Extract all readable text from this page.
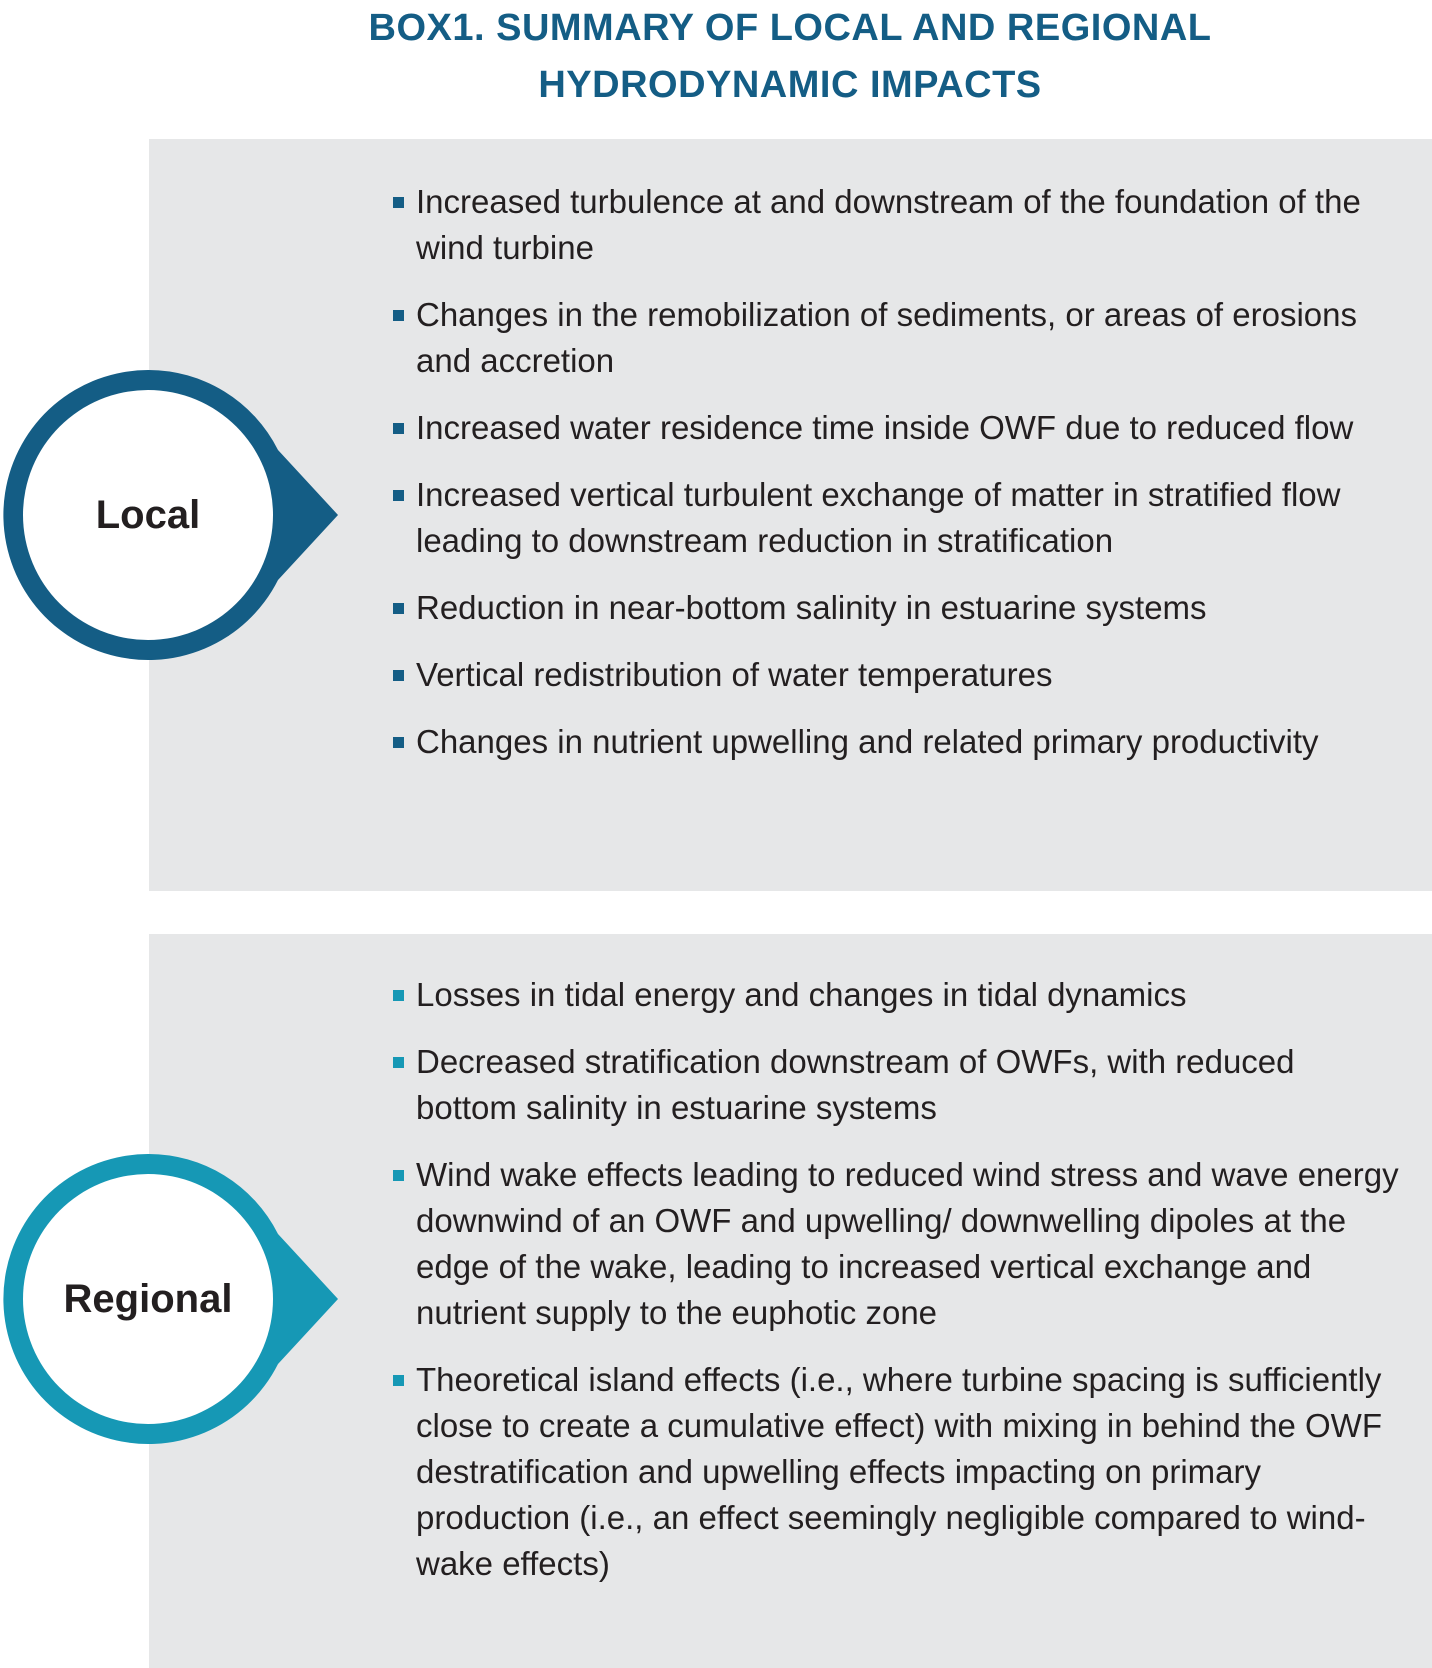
BOX1. SUMMARY OF LOCAL AND REGIONAL
HYDRODYNAMIC IMPACTS
Increased turbulence at and downstream of the foundation of the wind turbine
Changes in the remobilization of sediments, or areas of erosions and accretion
Increased water residence time inside OWF due to reduced flow
Increased vertical turbulent exchange of matter in stratified flow leading to downstream reduction in stratification
Reduction in near-bottom salinity in estuarine systems
Vertical redistribution of water temperatures
Changes in nutrient upwelling and related primary productivity
Losses in tidal energy and changes in tidal dynamics
Decreased stratification downstream of OWFs, with reduced bottom salinity in estuarine systems
Wind wake effects leading to reduced wind stress and wave energy downwind of an OWF and upwelling/ downwelling dipoles at the edge of the wake, leading to increased vertical exchange and nutrient supply to the euphotic zone
Theoretical island effects (i.e., where turbine spacing is sufficiently close to create a cumulative effect) with mixing in behind the OWF destratification and upwelling effects impacting on primary production (i.e., an effect seemingly negligible compared to wind-wake effects)
Local
Regional
